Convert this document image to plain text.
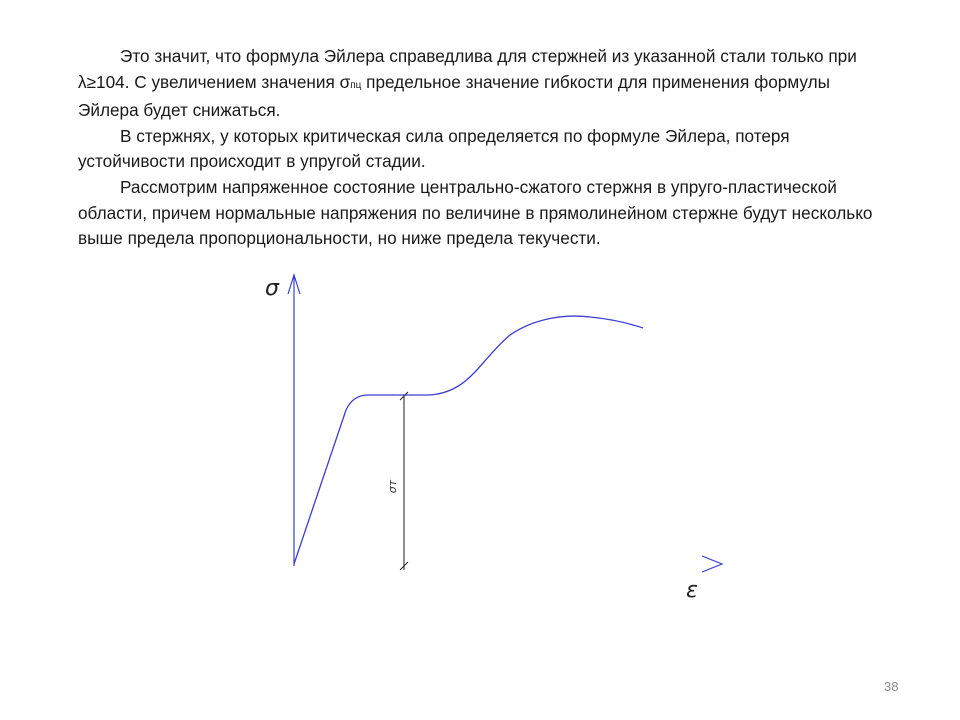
Это значит, что формула Эйлера справедлива для стержней из указанной стали только при λ≥104. С увеличением значения σпц предельное значение гибкости для применения формулы Эйлера будет снижаться.

В стержнях, у которых критическая сила определяется по формуле Эйлера, потеря устойчивости происходит в упругой стадии.

Рассмотрим напряженное состояние центрально-сжатого стержня в упруго-пластической области, причем нормальные напряжения по величине в прямолинейном стержне будут несколько выше предела пропорциональности, но ниже предела текучести.

σ
ε
σт
38
